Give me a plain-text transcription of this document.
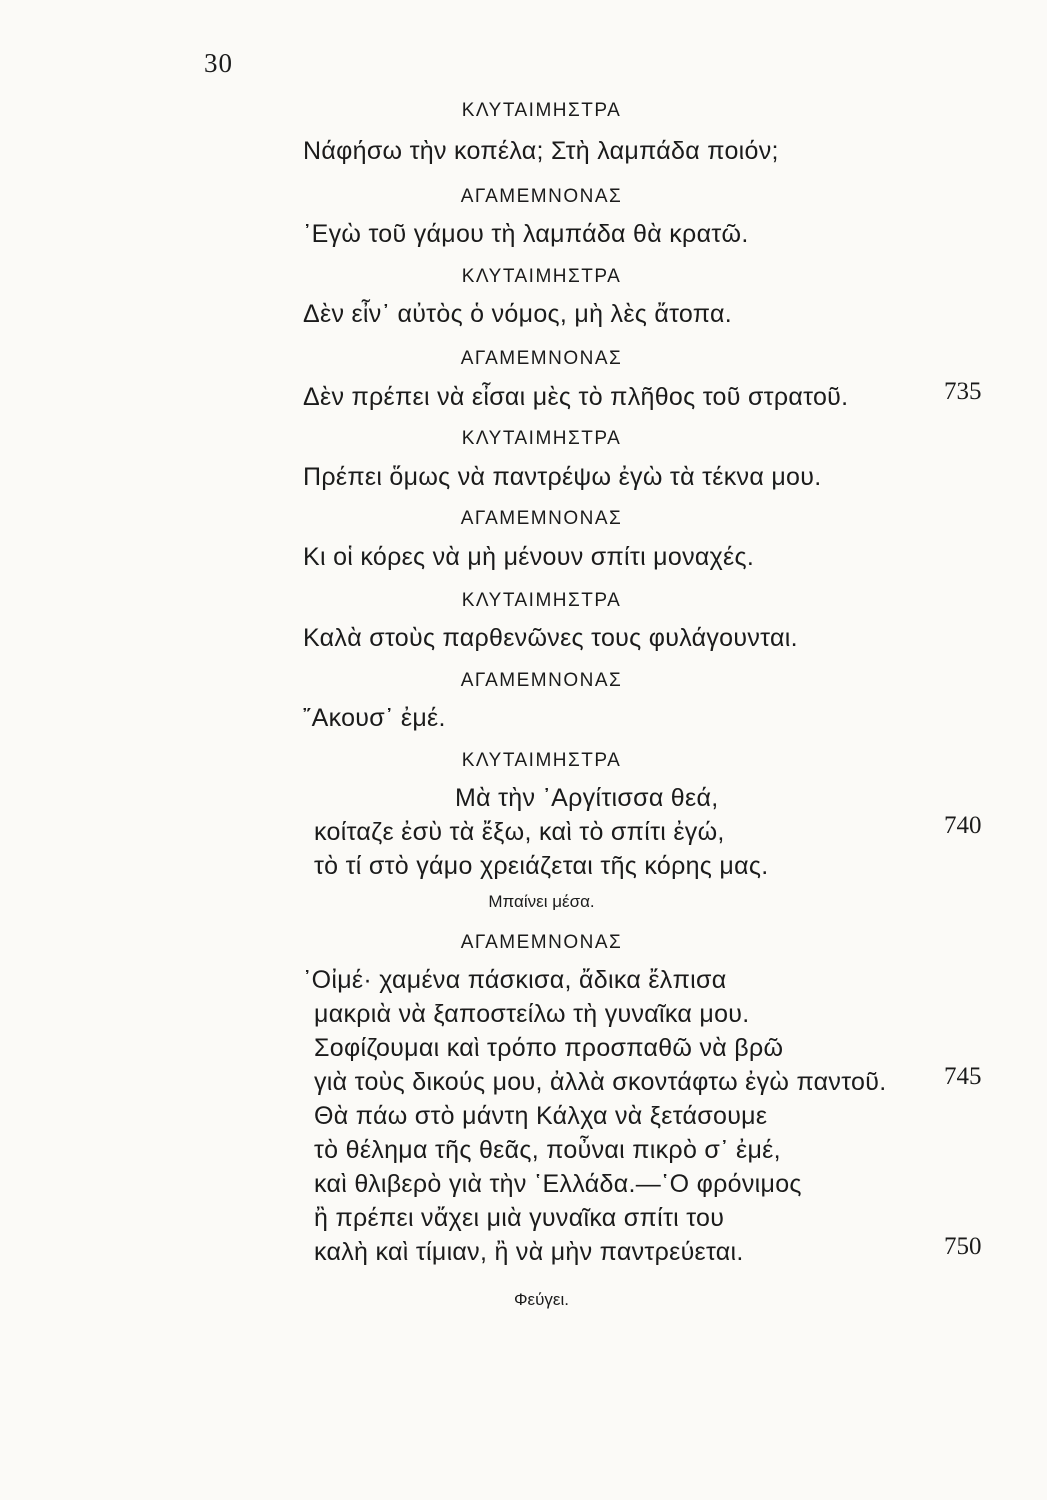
30
ΚΛΥΤΑΙΜΗΣΤΡΑ
Νάφήσω τὴν κοπέλα; Στὴ λαμπάδα ποιόν;
ΑΓΑΜΕΜΝΟΝΑΣ
᾿Εγὼ τοῦ γάμου τὴ λαμπάδα θὰ κρατῶ.
ΚΛΥΤΑΙΜΗΣΤΡΑ
Δὲν εἶν᾿ αὐτὸς ὁ νόμος, μὴ λὲς ἄτοπα.
ΑΓΑΜΕΜΝΟΝΑΣ
Δὲν πρέπει νὰ εἶσαι μὲς τὸ πλῆθος τοῦ στρατοῦ.	735
ΚΛΥΤΑΙΜΗΣΤΡΑ
Πρέπει ὅμως νὰ παντρέψω ἐγὼ τὰ τέκνα μου.
ΑΓΑΜΕΜΝΟΝΑΣ
Κι οἱ κόρες νὰ μὴ μένουν σπίτι μοναχές.
ΚΛΥΤΑΙΜΗΣΤΡΑ
Καλὰ στοὺς παρθενῶνες τους φυλάγουνται.
ΑΓΑΜΕΜΝΟΝΑΣ
῎Ακουσ᾿ ἐμέ.
ΚΛΥΤΑΙΜΗΣΤΡΑ
Μὰ τὴν ᾿Αργίτισσα θεά,
κοίταζε ἐσὺ τὰ ἔξω, καὶ τὸ σπίτι ἐγώ,	740
τὸ τί στὸ γάμο χρειάζεται τῆς κόρης μας.
Μπαίνει μέσα.
ΑΓΑΜΕΜΝΟΝΑΣ
᾿Οἰμέ· χαμένα πάσκισα, ἄδικα ἔλπισα
μακριὰ νὰ ξαποστείλω τὴ γυναῖκα μου.
Σοφίζουμαι καὶ τρόπο προσπαθῶ νὰ βρῶ
γιὰ τοὺς δικούς μου, ἀλλὰ σκοντάφτω ἐγὼ παντοῦ. 745
Θὰ πάω στὸ μάντη Κάλχα νὰ ξετάσουμε
τὸ θέλημα τῆς θεᾶς, ποὖναι πικρὸ σ᾿ ἐμέ,
καὶ θλιβερὸ γιὰ τὴν ῾Ελλάδα.—῾Ο φρόνιμος
ἢ πρέπει νἄχει μιὰ γυναῖκα σπίτι του
καλὴ καὶ τίμιαν, ἢ νὰ μὴν παντρεύεται.	750
Φεύγει.
